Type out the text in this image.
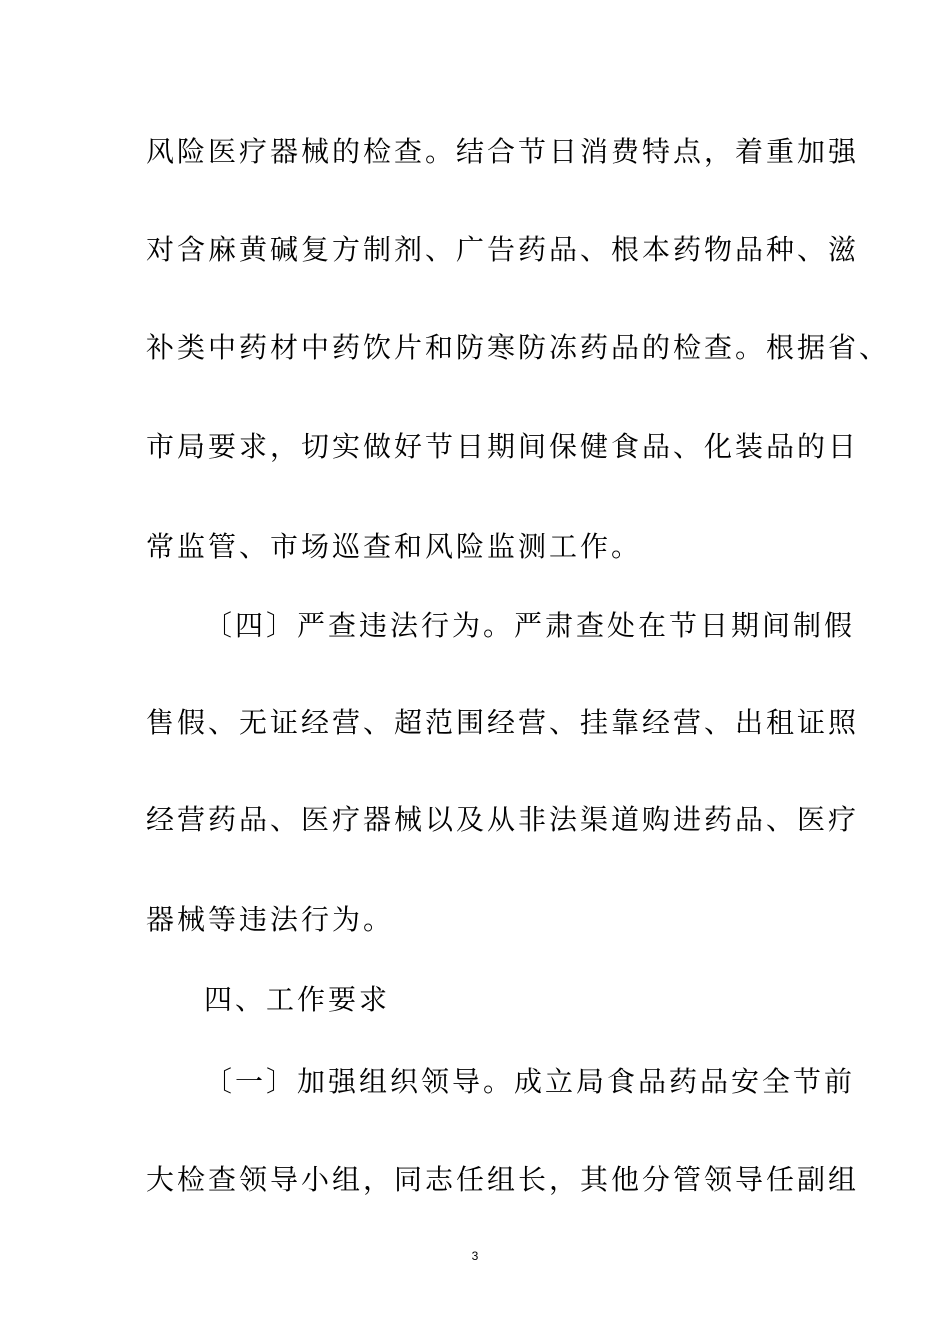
风险医疗器械的检查。结合节日消费特点，着重加强
对含麻黄碱复方制剂、广告药品、根本药物品种、滋
补类中药材中药饮片和防寒防冻药品的检查。根据省、
市局要求，切实做好节日期间保健食品、化装品的日
常监管、市场巡查和风险监测工作。
〔四〕严查违法行为。严肃查处在节日期间制假
售假、无证经营、超范围经营、挂靠经营、出租证照
经营药品、医疗器械以及从非法渠道购进药品、医疗
器械等违法行为。
四、工作要求
〔一〕加强组织领导。成立局食品药品安全节前
大检查领导小组，同志任组长，其他分管领导任副组
3
